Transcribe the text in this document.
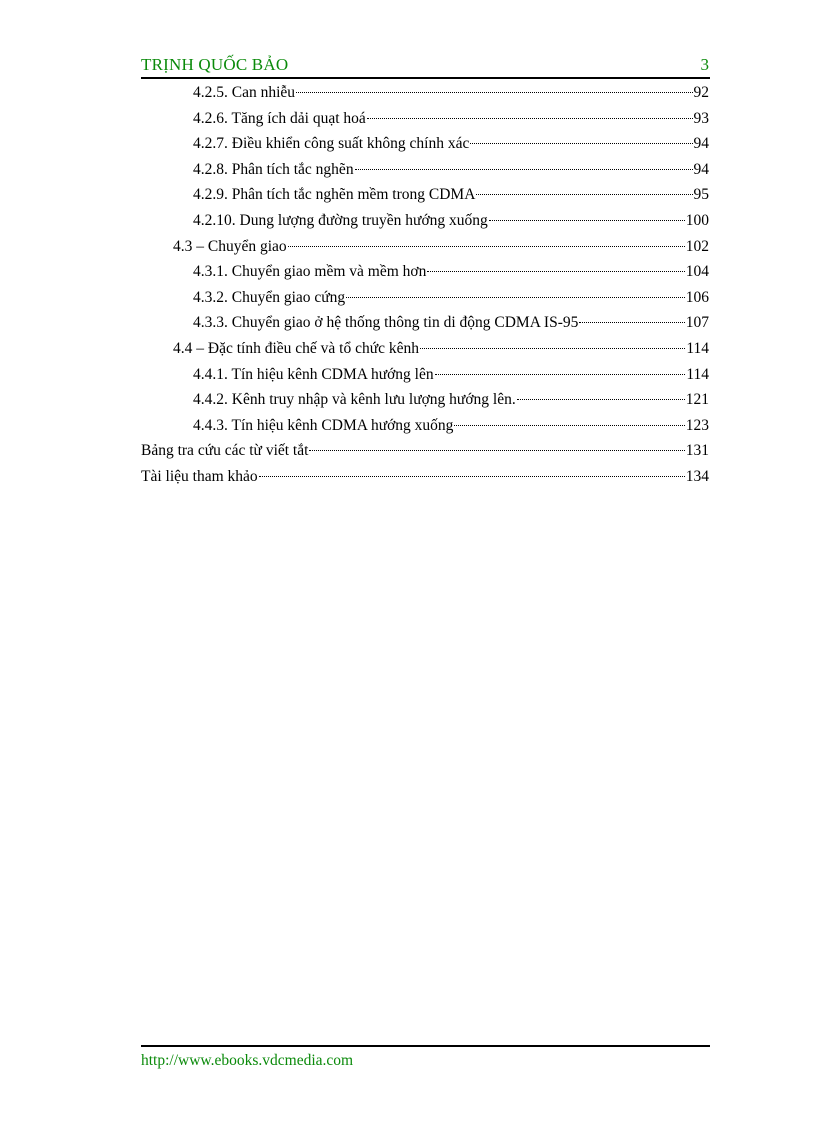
TRỊNH QUỐC BẢO	3
4.2.5. Can nhiễu	92
4.2.6. Tăng ích dải quạt hoá	93
4.2.7. Điều khiển công suất không chính xác	94
4.2.8. Phân tích tắc nghẽn	94
4.2.9. Phân tích tắc nghẽn mềm trong CDMA	95
4.2.10. Dung lượng đường truyền hướng xuống	100
4.3 – Chuyển giao	102
4.3.1. Chuyển giao mềm và mềm hơn	104
4.3.2. Chuyển giao cứng	106
4.3.3. Chuyển giao ở hệ thống thông tin di động CDMA IS-95	107
4.4 – Đặc tính điều chế và tổ chức kênh	114
4.4.1. Tín hiệu kênh CDMA hướng lên	114
4.4.2. Kênh truy nhập và kênh lưu lượng hướng lên.	121
4.4.3. Tín hiệu kênh CDMA hướng xuống	123
Bảng tra cứu các từ viết tắt	131
Tài liệu tham khảo	134
http://www.ebooks.vdcmedia.com
